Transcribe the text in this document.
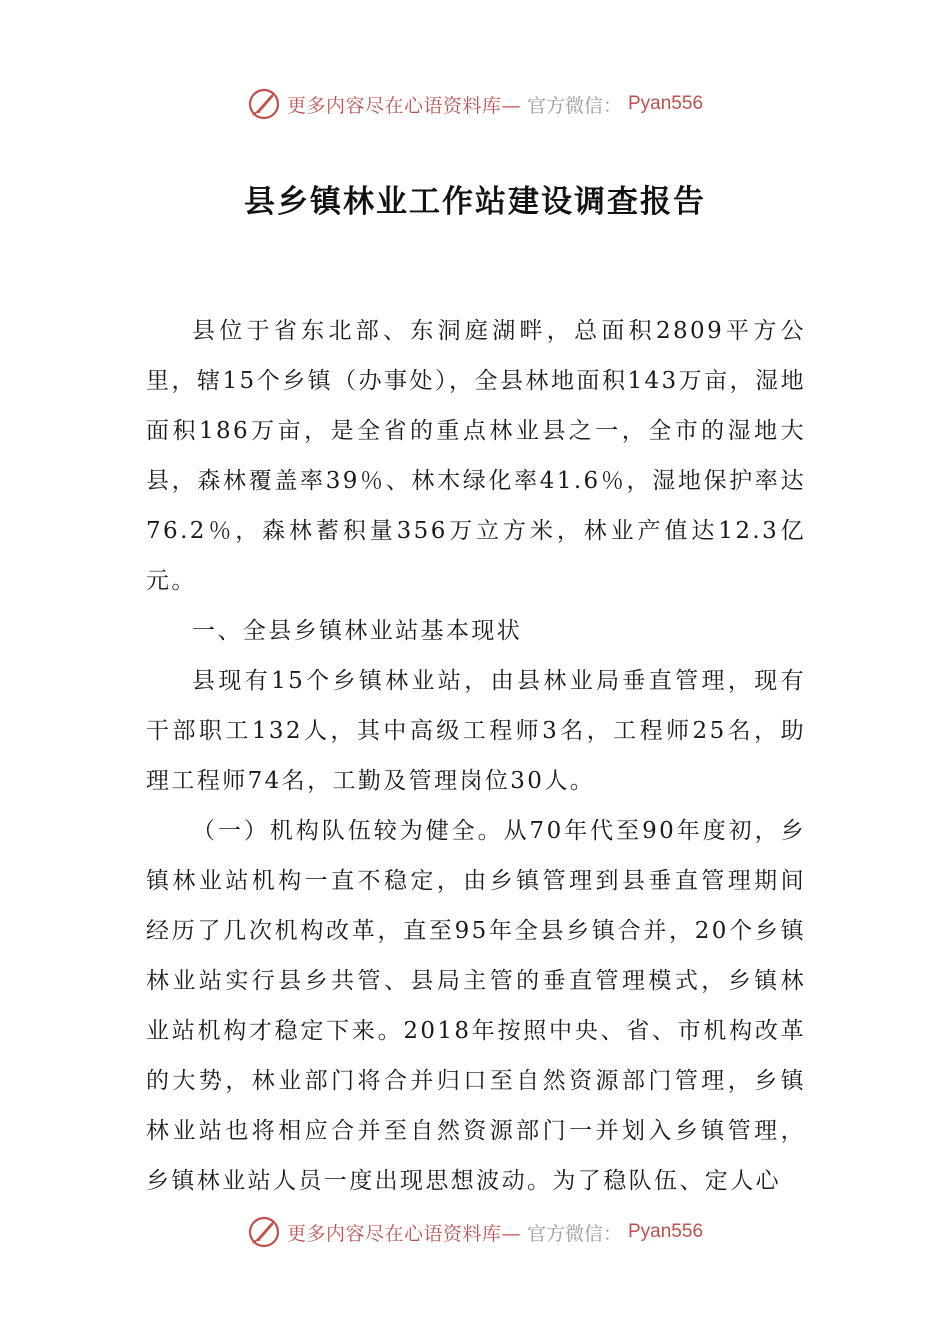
更多内容尽在心语资料库— 官方微信： Pyan556
县乡镇林业工作站建设调查报告

县位于省东北部、东洞庭湖畔，总面积2809平方公里，辖15个乡镇（办事处），全县林地面积143万亩，湿地面积186万亩，是全省的重点林业县之一，全市的湿地大县，森林覆盖率39％、林木绿化率41.6％，湿地保护率达76.2％，森林蓄积量356万立方米，林业产值达12.3亿元。

一、全县乡镇林业站基本现状

县现有15个乡镇林业站，由县林业局垂直管理，现有干部职工132人，其中高级工程师3名，工程师25名，助理工程师74名，工勤及管理岗位30人。

（一）机构队伍较为健全。从70年代至90年度初，乡镇林业站机构一直不稳定，由乡镇管理到县垂直管理期间经历了几次机构改革，直至95年全县乡镇合并，20个乡镇林业站实行县乡共管、县局主管的垂直管理模式，乡镇林业站机构才稳定下来。2018年按照中央、省、市机构改革的大势，林业部门将合并归口至自然资源部门管理，乡镇林业站也将相应合并至自然资源部门一并划入乡镇管理，乡镇林业站人员一度出现思想波动。为了稳队伍、定人心

更多内容尽在心语资料库— 官方微信： Pyan556
